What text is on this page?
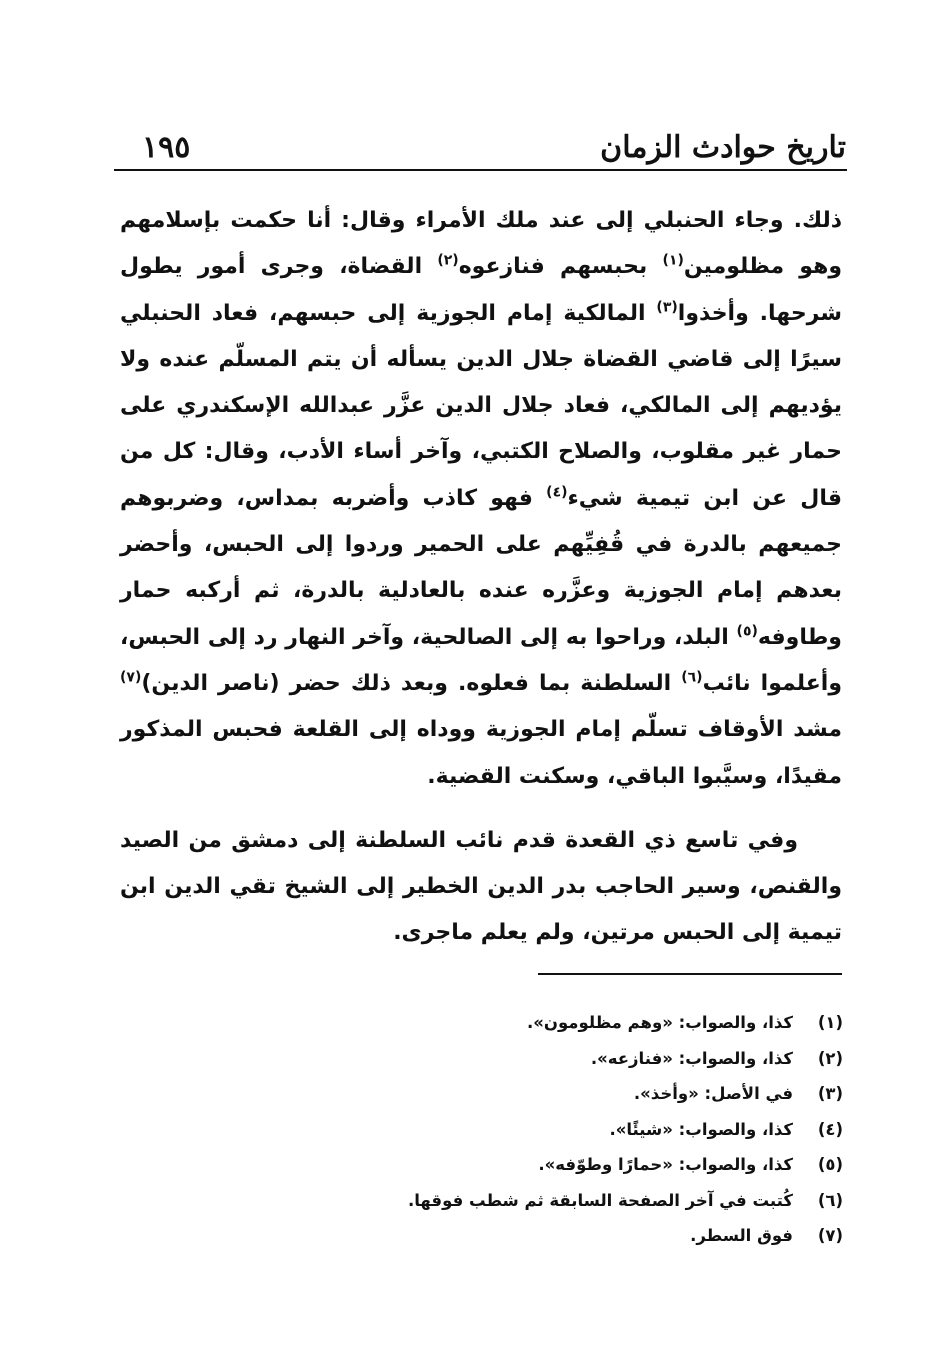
تاريخ حوادث الزمان
١٩٥

ذلك. وجاء الحنبلي إلى عند ملك الأمراء وقال: أنا حكمت بإسلامهم وهو مظلومين$^{(١)}$ بحبسهم فنازعوه$^{(٢)}$ القضاة، وجرى أمور يطول شرحها. وأخذوا$^{(٣)}$ المالكية إمام الجوزية إلى حبسهم، فعاد الحنبلي سيرًا إلى قاضي القضاة جلال الدين يسأله أن يتم المسلّم عنده ولا يؤديهم إلى المالكي، فعاد جلال الدين عزَّر عبدالله الإسكندري على حمار غير مقلوب، والصلاح الكتبي، وآخر أساء الأدب، وقال: كل من قال عن ابن تيمية شيء$^{(٤)}$ فهو كاذب وأضربه بمداس، وضربوهم جميعهم بالدرة في قُفِيِّهم على الحمير وردوا إلى الحبس، وأحضر بعدهم إمام الجوزية وعزَّره عنده بالعادلية بالدرة، ثم أركبه حمار وطاوفه$^{(٥)}$ البلد، وراحوا به إلى الصالحية، وآخر النهار رد إلى الحبس، وأعلموا نائب$^{(٦)}$ السلطنة بما فعلوه. وبعد ذلك حضر (ناصر الدين)$^{(٧)}$ مشد الأوقاف تسلّم إمام الجوزية ووداه إلى القلعة فحبس المذكور مقيدًا، وسيَّبوا الباقي، وسكنت القضية.

وفي تاسع ذي القعدة قدم نائب السلطنة إلى دمشق من الصيد والقنص، وسير الحاجب بدر الدين الخطير إلى الشيخ تقي الدين ابن تيمية إلى الحبس مرتين، ولم يعلم ماجرى.

(١)كذا، والصواب: «وهم مظلومون».
(٢)كذا، والصواب: «فنازعه».
(٣)في الأصل: «وأخذ».
(٤)كذا، والصواب: «شيئًا».
(٥)كذا، والصواب: «حمارًا وطوّفه».
(٦)كُتبت في آخر الصفحة السابقة ثم شطب فوقها.
(٧)فوق السطر.
